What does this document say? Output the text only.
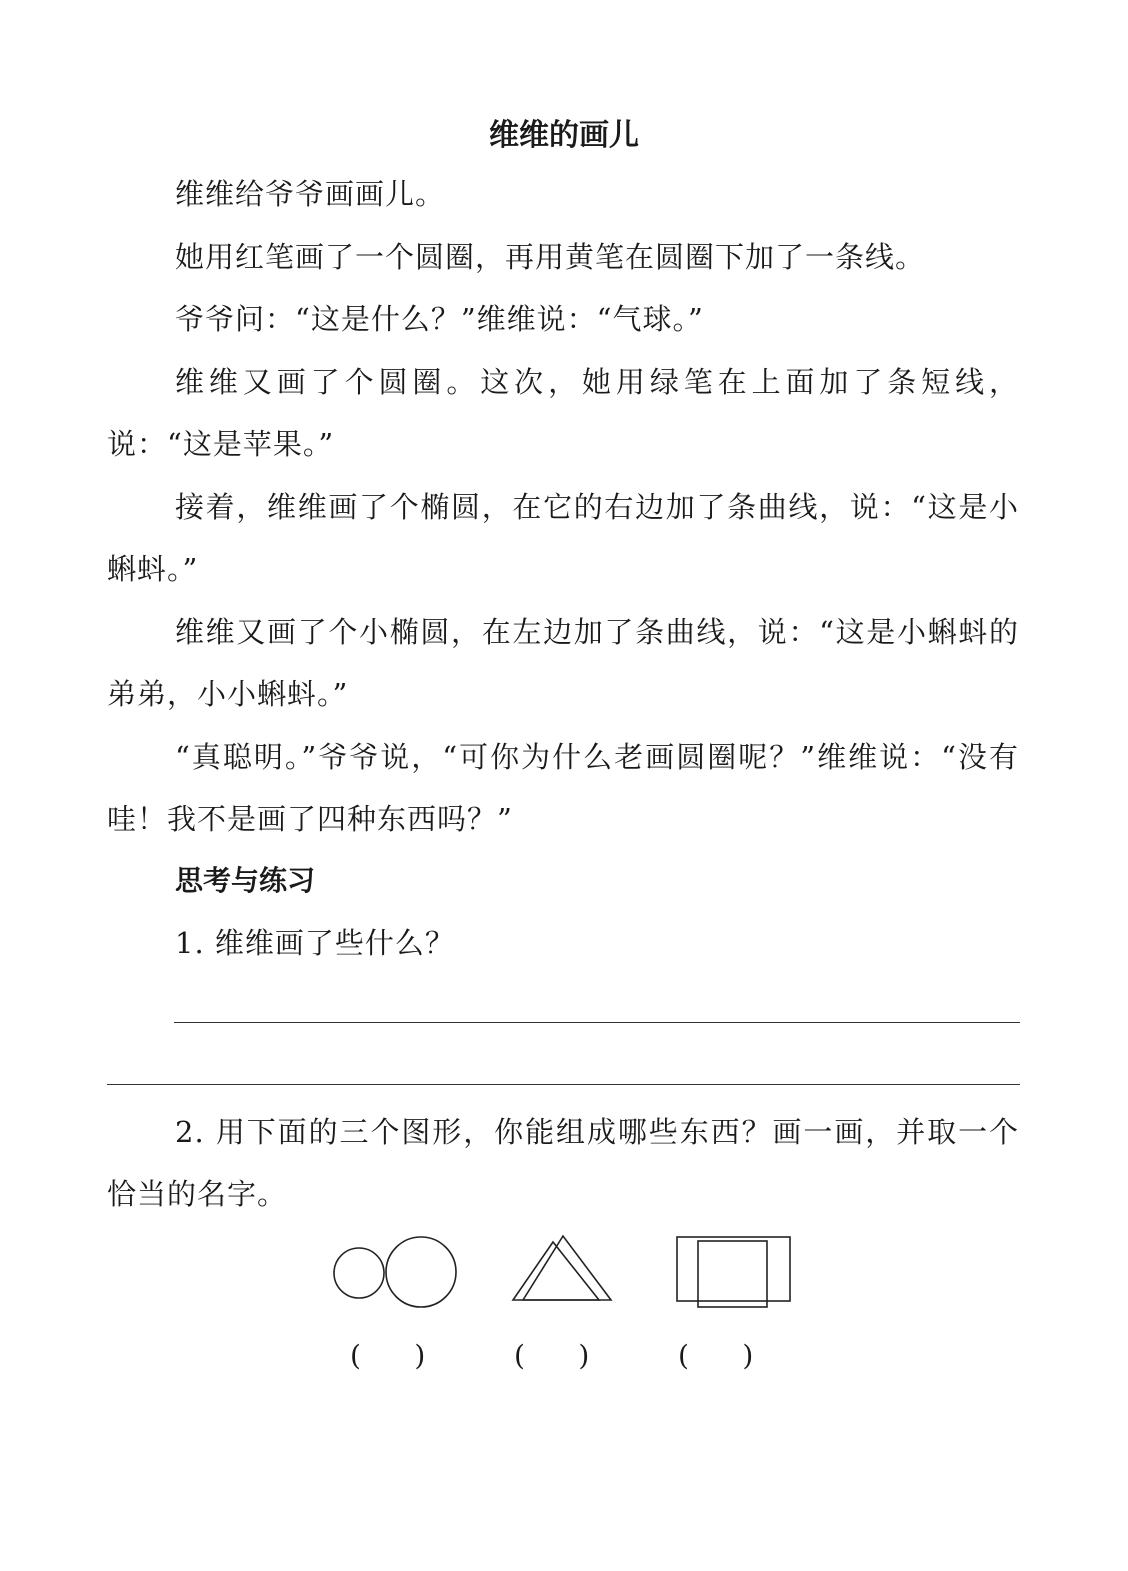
维维的画儿

维维给爷爷画画儿。

她用红笔画了一个圆圈，再用黄笔在圆圈下加了一条线。

爷爷问：“这是什么？”维维说：“气球。”

维维又画了个圆圈。这次，她用绿笔在上面加了条短线，说：“这是苹果。”

接着，维维画了个椭圆，在它的右边加了条曲线，说：“这是小蝌蚪。”

维维又画了个小椭圆，在左边加了条曲线，说：“这是小蝌蚪的弟弟，小小蝌蚪。”

“真聪明。”爷爷说，“可你为什么老画圆圈呢？”维维说：“没有哇！我不是画了四种东西吗？”

思考与练习

1. 维维画了些什么？

2. 用下面的三个图形，你能组成哪些东西？画一画，并取一个恰当的名字。

(      )	(      )	(      )
